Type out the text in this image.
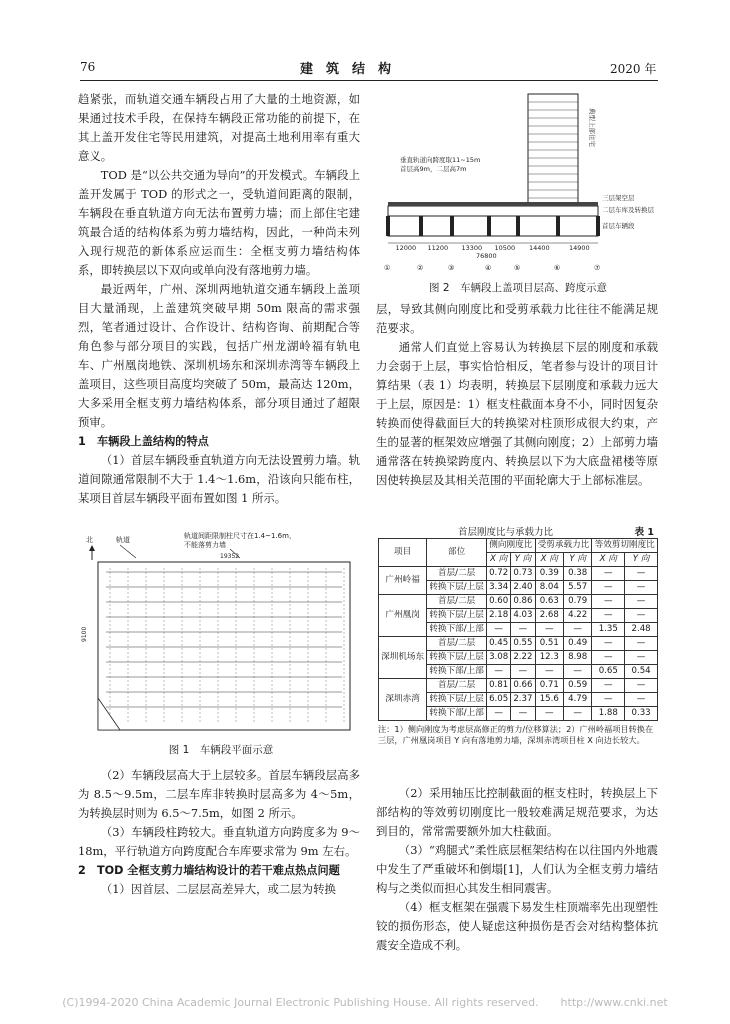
76	建　筑　结　构	2020 年

趋紧张，而轨道交通车辆段占用了大量的土地资源，如果通过技术手段，在保持车辆段正常功能的前提下，在其上盖开发住宅等民用建筑，对提高土地利用率有重大意义。

TOD 是“以公共交通为导向”的开发模式。车辆段上盖开发属于 TOD 的形式之一，受轨道间距离的限制，车辆段在垂直轨道方向无法布置剪力墙；而上部住宅建筑最合适的结构体系为剪力墙结构，因此，一种尚未列入现行规范的新体系应运而生：全框支剪力墙结构体系，即转换层以下双向或单向没有落地剪力墙。

最近两年，广州、深圳两地轨道交通车辆段上盖项目大量涌现，上盖建筑突破早期 50m 限高的需求强烈，笔者通过设计、合作设计、结构咨询、前期配合等角色参与部分项目的实践，包括广州龙湖岭福有轨电车、广州凰岗地铁、深圳机场东和深圳赤湾等车辆段上盖项目，这些项目高度均突破了 50m，最高达 120m，大多采用全框支剪力墙结构体系，部分项目通过了超限预审。

1　车辆段上盖结构的特点

（1）首层车辆段垂直轨道方向无法设置剪力墙。轨道间隙通常限制不大于 1.4～1.6m，沿该向只能布柱，某项目首层车辆段平面布置如图 1 所示。

北	轨道	轨道间距限制柱尺寸在1.4~1.6m，
不能落剪力墙
19352
9100
图 1　车辆段平面示意

（2）车辆段层高大于上层较多。首层车辆段层高多为 8.5～9.5m，二层车库非转换时层高多为 4～5m，为转换层时则为 6.5～7.5m，如图 2 所示。

（3）车辆段柱跨较大。垂直轨道方向跨度多为 9～18m，平行轨道方向跨度配合车库要求常为 9m 左右。

2　TOD 全框支剪力墙结构设计的若干难点热点问题

（1）因首层、二层层高差异大，或二层为转换

12000 11200 13300 10500 14400	14900
①	②	③	④	⑤	⑥	⑦
垂直轨道向跨度取11~15m
首层高9m，二层高7m
76800
典型上部住宅
三层架空层
二层车库及转换层
首层车辆段
图 2　车辆段上盖项目层高、跨度示意

层，导致其侧向刚度比和受剪承载力比往往不能满足规范要求。

通常人们直觉上容易认为转换层下层的刚度和承载力会弱于上层，事实恰恰相反，笔者参与设计的项目计算结果（表 1）均表明，转换层下层刚度和承载力远大于上层，原因是：1）框支柱截面本身不小，同时因复杂转换而使得截面巨大的转换梁对柱顶形成很大约束，产生的显著的框架效应增强了其侧向刚度；2）上部剪力墙通常落在转换梁跨度内、转换层以下为大底盘裙楼等原因使转换层及其相关范围的平面轮廓大于上部标准层。

首层刚度比与承载力比	表 1
项目	部位	侧向刚度比		受剪承载力比		等效剪切刚度比	
		X 向	Y 向	X 向	Y 向	X 向	Y 向
广州岭福	首层/二层	0.72	0.73	0.39	0.38	—	—
	转换下层/上层	3.34	2.40	8.04	5.57	—	—
广州凰岗	首层/二层	0.60	0.86	0.63	0.79	—	—
	转换下层/上层	2.18	4.03	2.68	4.22	—	—
	转换下部/上部	—	—	—	—	1.35	2.48
深圳机场东	首层/二层	0.45	0.55	0.51	0.49	—	—
	转换下层/上层	3.08	2.22	12.3	8.98	—	—
	转换下部/上部	—	—	—	—	0.65	0.54
深圳赤湾	首层/二层	0.81	0.66	0.71	0.59	—	—
	转换下层/上层	6.05	2.37	15.6	4.79	—	—
	转换下部/上部	—	—	—	—	1.88	0.33
注：1）侧向刚度为考虑层高修正的剪力/位移算法；2）广州岭福项目转换在三层，广州凰岗项目 Y 向有落地剪力墙，深圳赤湾项目柱 X 向边长较大。

（2）采用轴压比控制截面的框支柱时，转换层上下部结构的等效剪切刚度比一般较难满足规范要求，为达到目的，常常需要额外加大柱截面。

（3）“鸡腿式”柔性底层框架结构在以往国内外地震中发生了严重破坏和倒塌[1]，人们认为全框支剪力墙结构与之类似而担心其发生相同震害。

（4）框支框架在强震下易发生柱顶端率先出现塑性铰的损伤形态，使人疑虑这种损伤是否会对结构整体抗震安全造成不利。

(C)1994-2020 China Academic Journal Electronic Publishing House. All rights reserved.　　http://www.cnki.net
